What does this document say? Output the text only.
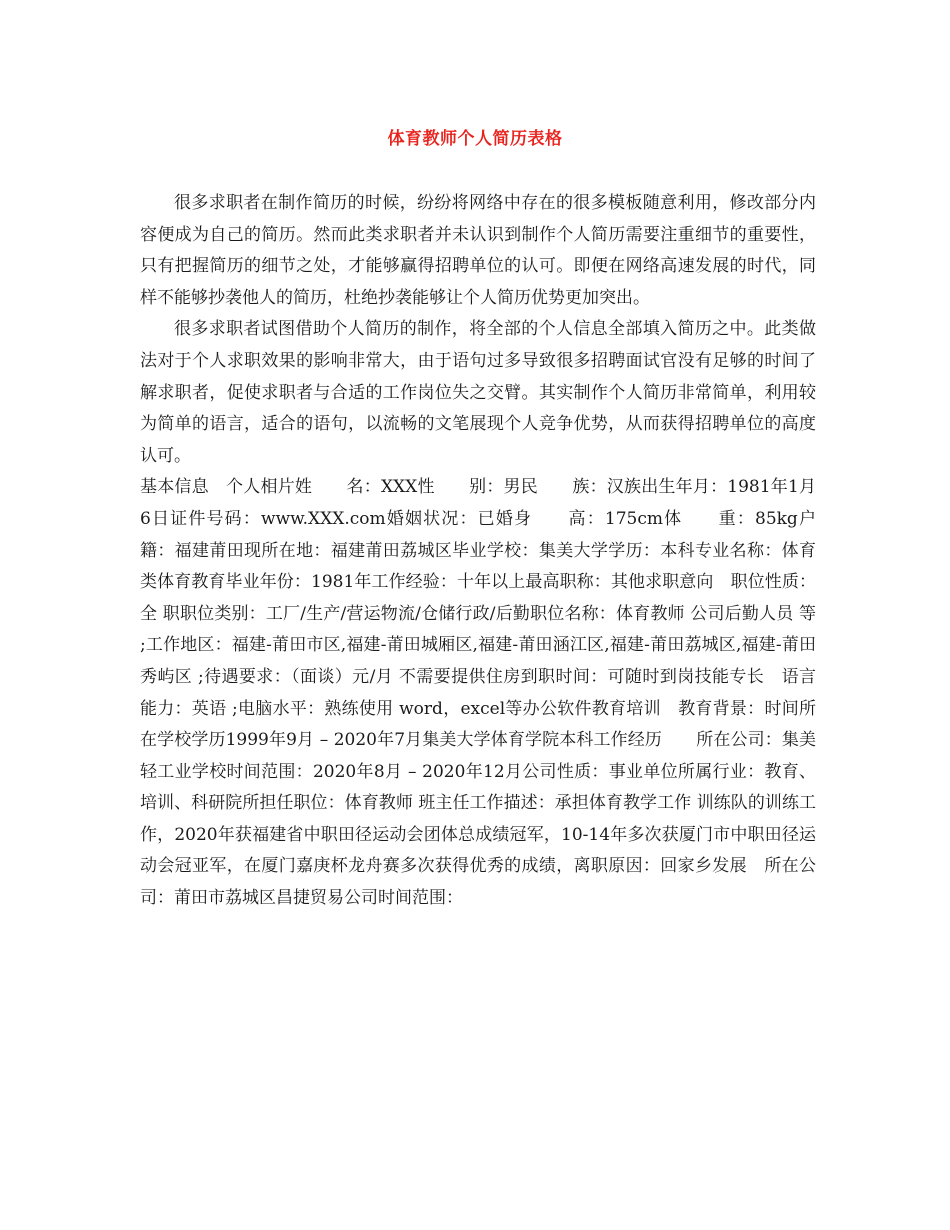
体育教师个人简历表格

很多求职者在制作简历的时候，纷纷将网络中存在的很多模板随意利用，修改部分内容便成为自己的简历。然而此类求职者并未认识到制作个人简历需要注重细节的重要性，只有把握简历的细节之处，才能够赢得招聘单位的认可。即便在网络高速发展的时代，同样不能够抄袭他人的简历，杜绝抄袭能够让个人简历优势更加突出。

很多求职者试图借助个人简历的制作，将全部的个人信息全部填入简历之中。此类做法对于个人求职效果的影响非常大，由于语句过多导致很多招聘面试官没有足够的时间了解求职者，促使求职者与合适的工作岗位失之交臂。其实制作个人简历非常简单，利用较为简单的语言，适合的语句，以流畅的文笔展现个人竞争优势，从而获得招聘单位的高度认可。

基本信息　个人相片姓　　名：XXX性　　别：男民　　族：汉族出生年月：1981年1月6日证件号码：www.XXX.com婚姻状况：已婚身　　高：175cm体　　重：85kg户　　籍：福建莆田现所在地：福建莆田荔城区毕业学校：集美大学学历：本科专业名称：体育类体育教育毕业年份：1981年工作经验：十年以上最高职称：其他求职意向　职位性质：全 职职位类别：工厂/生产/营运物流/仓储行政/后勤职位名称：体育教师 公司后勤人员 等 ;工作地区：福建-莆田市区,福建-莆田城厢区,福建-莆田涵江区,福建-莆田荔城区,福建-莆田秀屿区 ;待遇要求：（面谈）元/月 不需要提供住房到职时间：可随时到岗技能专长　语言能力：英语 ;电脑水平：熟练使用 word，excel等办公软件教育培训　教育背景：时间所在学校学历1999年9月 – 2020年7月集美大学体育学院本科工作经历　　所在公司：集美轻工业学校时间范围：2020年8月 – 2020年12月公司性质：事业单位所属行业：教育、培训、科研院所担任职位：体育教师 班主任工作描述：承担体育教学工作 训练队的训练工作，2020年获福建省中职田径运动会团体总成绩冠军，10-14年多次获厦门市中职田径运动会冠亚军，在厦门嘉庚杯龙舟赛多次获得优秀的成绩，离职原因：回家乡发展　所在公司：莆田市荔城区昌捷贸易公司时间范围：
